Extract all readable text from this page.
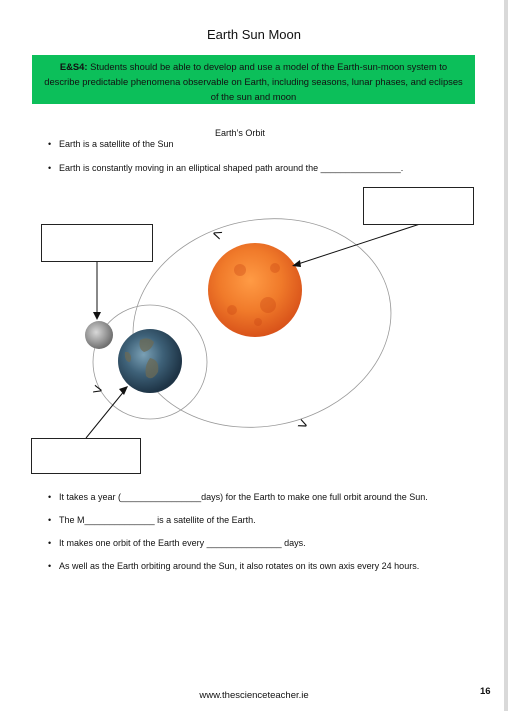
Earth Sun Moon
E&S4: Students should be able to develop and use a model of the Earth-sun-moon system to describe predictable phenomena observable on Earth, including seasons, lunar phases, and eclipses of the sun and moon
Earth’s Orbit
• Earth is a satellite of the Sun
• Earth is constantly moving in an elliptical shaped path around the ________________.
<
>
>
• It takes a year (________________days) for the Earth to make one full orbit around the Sun.
• The M______________ is a satellite of the Earth.
• It makes one orbit of the Earth every _______________ days.
• As well as the Earth orbiting around the Sun, it also rotates on its own axis every 24 hours.
www.thescienceteacher.ie	16
